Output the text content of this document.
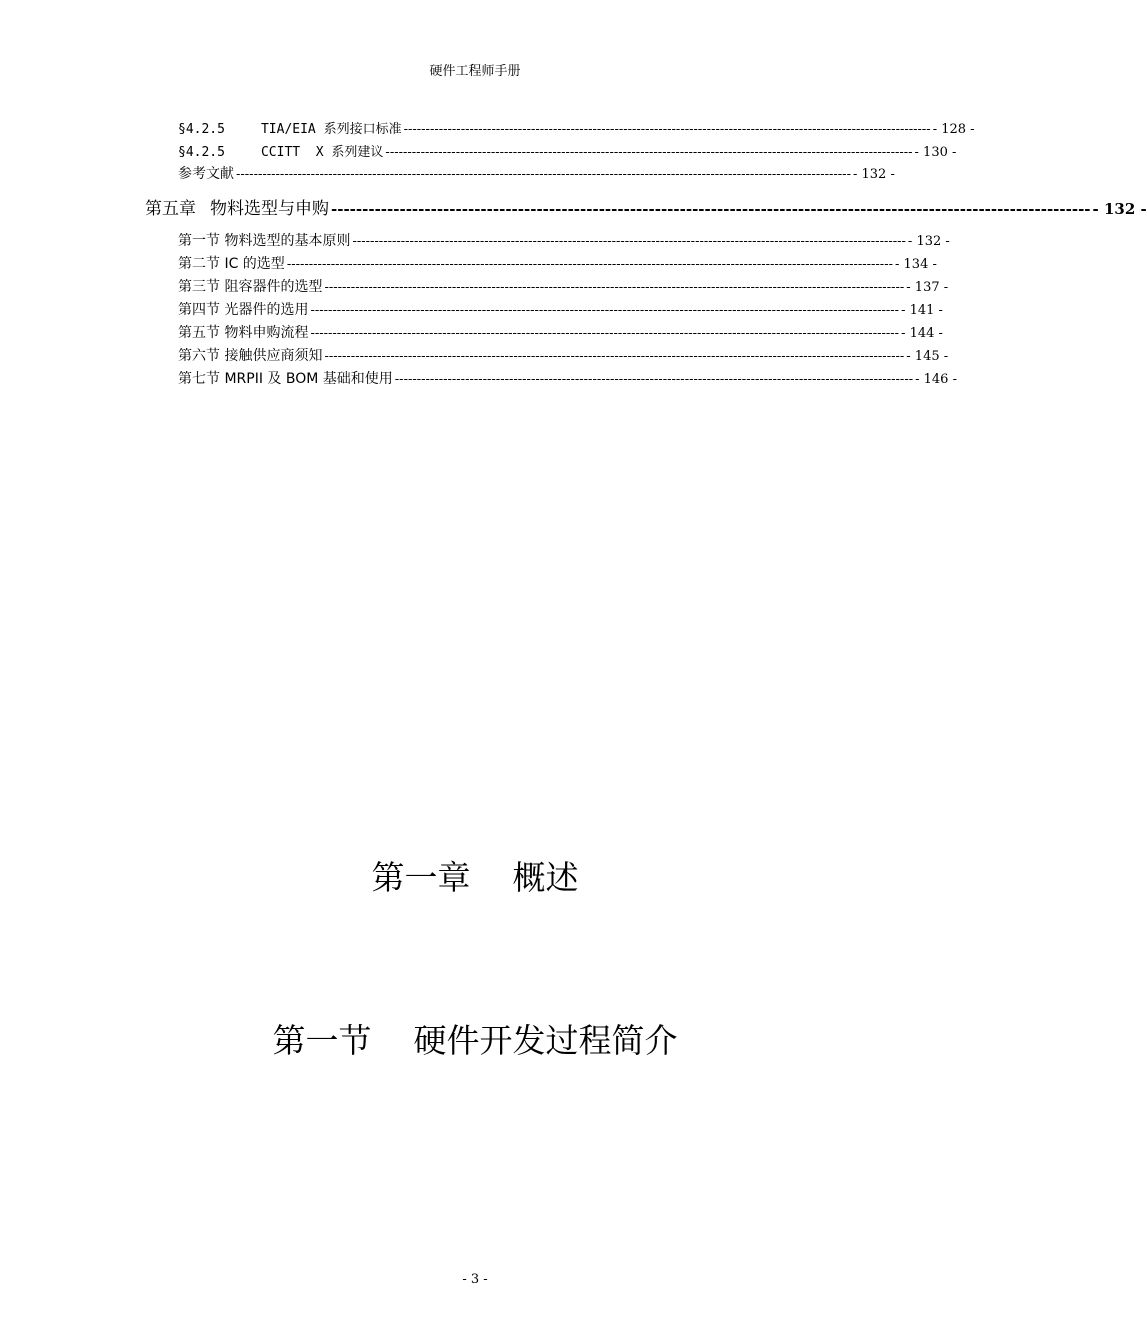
硬件工程师手册
§4.2.5	TIA/EIA 系列接口标准 ------------------------------------------------------------------------------------------------------------------------ - 128 -
§4.2.5	CCITT  X 系列建议 ------------------------------------------------------------------------------------------------------------------------ - 130 -
参考文献 -------------------------------------------------------------------------------------------------------------------------------------------- - 132 -
第五章 物料选型与申购 -------------------------------------------------------------------------------------------------------------------------- - 132 -
第一节 物料选型的基本原则 ------------------------------------------------------------------------------------------------------------------------------ - 132 -
第二节 IC 的选型 ------------------------------------------------------------------------------------------------------------------------------------------ - 134 -
第三节 阻容器件的选型 ------------------------------------------------------------------------------------------------------------------------------------ - 137 -
第四节 光器件的选用 -------------------------------------------------------------------------------------------------------------------------------------- - 141 -
第五节 物料申购流程 -------------------------------------------------------------------------------------------------------------------------------------- - 144 -
第六节 接触供应商须知 ------------------------------------------------------------------------------------------------------------------------------------ - 145 -
第七节 MRPII 及 BOM 基础和使用 ---------------------------------------------------------------------------------------------------------------------- - 146 -
第一章 概述
第一节 硬件开发过程简介
- 3 -
